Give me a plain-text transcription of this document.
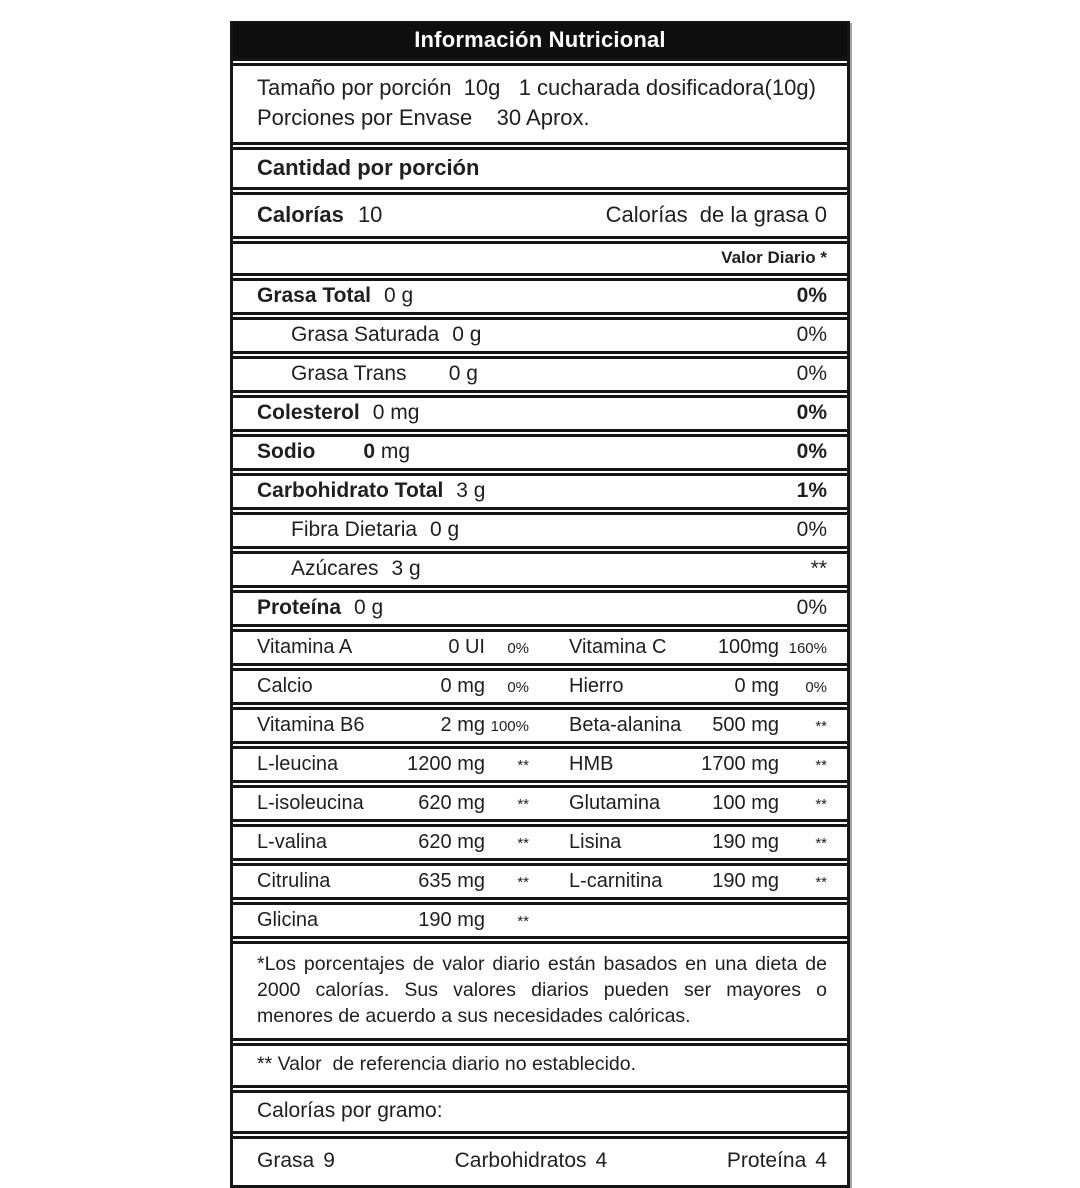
Información Nutricional
Tamaño por porción  10g   1 cucharada dosificadora(10g)
Porciones por Envase    30 Aprox.
Cantidad por porción
Calorías 10	Calorías  de la grasa 0
Valor Diario *
Grasa Total 0 g	0%
Grasa Saturada 0 g	0%
Grasa Trans 0 g	0%
Colesterol 0 mg	0%
Sodio 0 mg	0%
Carbohidrato Total 3 g	1%
Fibra Dietaria 0 g	0%
Azúcares 3 g	**
Proteína 0 g	0%
Vitamina A	0 UI	0%	Vitamina C	100mg 160%
Calcio	0 mg	0%	Hierro	0 mg	0%
Vitamina B6	2 mg 100%	Beta-alanina	500 mg	**
L-leucina	1200 mg	**	HMB	1700 mg	**
L-isoleucina	620 mg	**	Glutamina	100 mg	**
L-valina	620 mg	**	Lisina	190 mg	**
Citrulina	635 mg	**	L-carnitina	190 mg	**
Glicina	190 mg	**
*Los porcentajes de valor diario están basados en una dieta de 2000 calorías. Sus valores diarios pueden ser mayores o menores de acuerdo a sus necesidades calóricas.
** Valor  de referencia diario no establecido.
Calorías por gramo:
Grasa 9	Carbohidratos 4	Proteína 4
